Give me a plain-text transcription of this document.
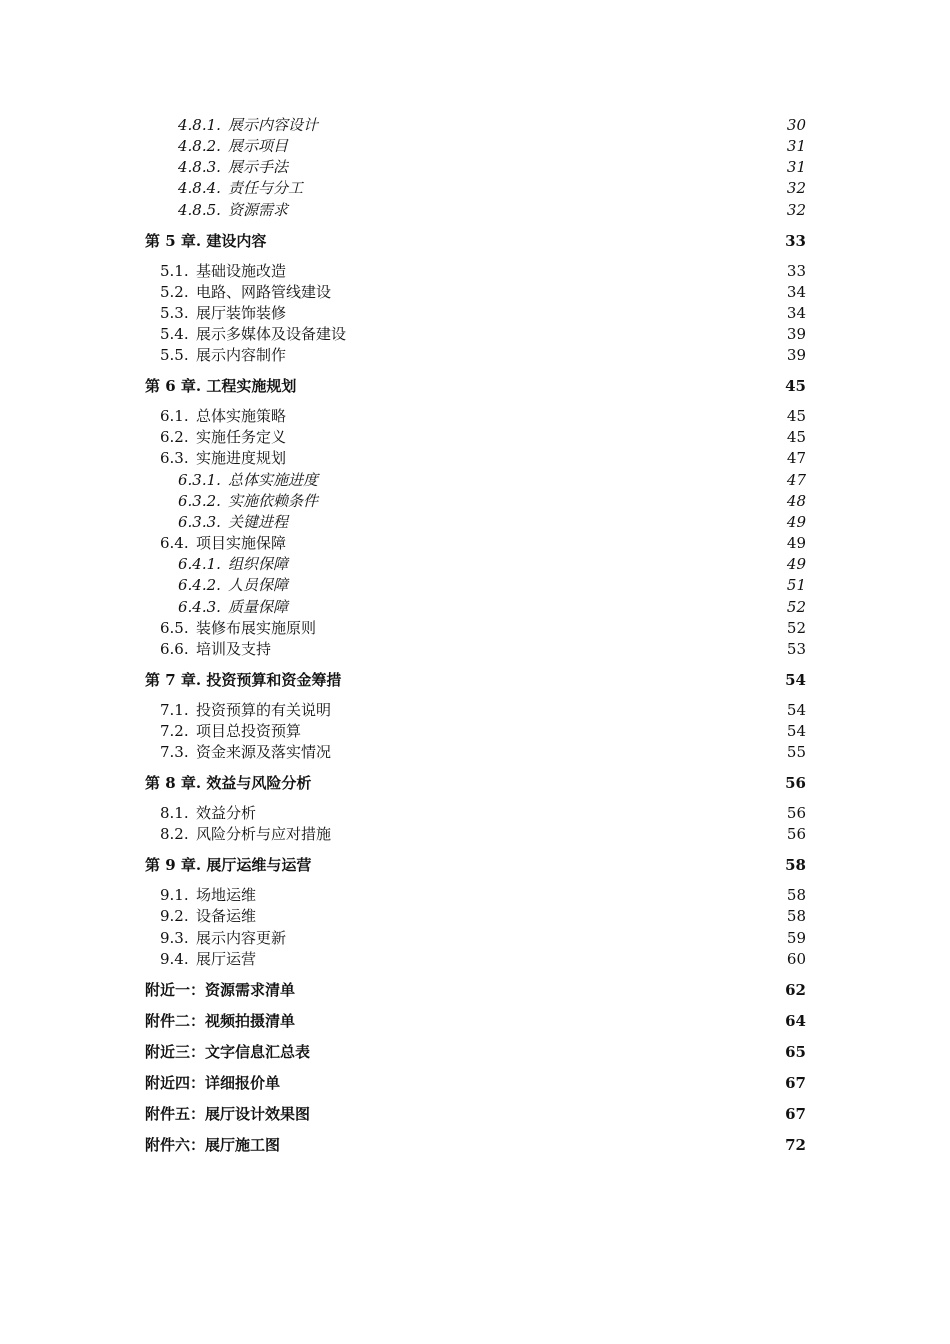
4.8.1. 展示内容设计	30
4.8.2. 展示项目	31
4.8.3. 展示手法	31
4.8.4. 责任与分工	32
4.8.5. 资源需求	32
第 5 章. 建设内容	33
5.1. 基础设施改造	33
5.2. 电路、网路管线建设	34
5.3. 展厅装饰装修	34
5.4. 展示多媒体及设备建设	39
5.5. 展示内容制作	39
第 6 章. 工程实施规划	45
6.1. 总体实施策略	45
6.2. 实施任务定义	45
6.3. 实施进度规划	47
6.3.1. 总体实施进度	47
6.3.2. 实施依赖条件	48
6.3.3. 关键进程	49
6.4. 项目实施保障	49
6.4.1. 组织保障	49
6.4.2. 人员保障	51
6.4.3. 质量保障	52
6.5. 装修布展实施原则	52
6.6. 培训及支持	53
第 7 章. 投资预算和资金筹措	54
7.1. 投资预算的有关说明	54
7.2. 项目总投资预算	54
7.3. 资金来源及落实情况	55
第 8 章. 效益与风险分析	56
8.1. 效益分析	56
8.2. 风险分析与应对措施	56
第 9 章. 展厅运维与运营	58
9.1. 场地运维	58
9.2. 设备运维	58
9.3. 展示内容更新	59
9.4. 展厅运营	60
附近一：资源需求清单	62
附件二：视频拍摄清单	64
附近三：文字信息汇总表	65
附近四：详细报价单	67
附件五：展厅设计效果图	67
附件六：展厅施工图	72
